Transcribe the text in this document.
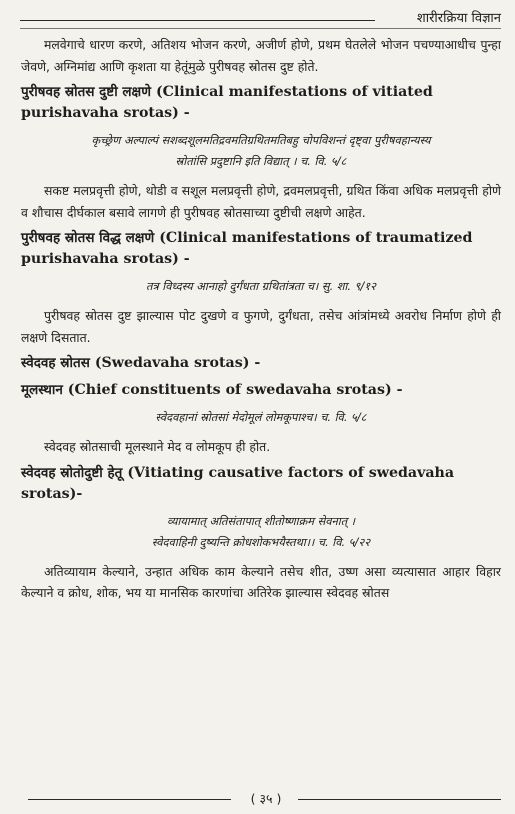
शारीरक्रिया विज्ञान

मलवेगाचे धारण करणे, अतिशय भोजन करणे, अजीर्ण होणे, प्रथम घेतलेले भोजन पचण्याआधीच पुन्हा जेवणे, अग्निमांद्य आणि कृशता या हेतूंमुळे पुरीषवह स्रोतस दुष्ट होते.

पुरीषवह स्रोतस दुष्टी लक्षणे (Clinical manifestations of vitiated purishavaha srotas) -

कृच्छ्रेण अल्पाल्पं सशब्दशूलमतिद्रवमतिग्रथितमतिबहु चोपविशन्तं दृष्ट्वा पुरीषवहान्यस्य
स्रोतांसि प्रदुष्टानि इति विद्यात् । च. वि. ५/८

सकष्ट मलप्रवृत्ती होणे, थोडी व सशूल मलप्रवृत्ती होणे, द्रवमलप्रवृत्ती, ग्रथित किंवा अधिक मलप्रवृत्ती होणे व शौचास दीर्घकाल बसावे लागणे ही पुरीषवह स्रोतसाच्या दुष्टीची लक्षणे आहेत.

पुरीषवह स्रोतस विद्ध लक्षणे (Clinical manifestations of traumatized purishavaha srotas) -

तत्र विध्दस्य आनाहो दुर्गंधता ग्रथितांत्रता च। सु. शा. ९/१२

पुरीषवह स्रोतस दुष्ट झाल्यास पोट दुखणे व फुगणे, दुर्गंधता, तसेच आंत्रांमध्ये अवरोध निर्माण होणे ही लक्षणे दिसतात.

स्वेदवह स्रोतस (Swedavaha srotas) -

मूलस्थान (Chief constituents of swedavaha srotas) -

स्वेदवहानां स्रोतसां मेदोमूलं लोमकूपाश्च। च. वि. ५/८

स्वेदवह स्रोतसाची मूलस्थाने मेद व लोमकूप ही होत.

स्वेदवह स्रोतोदुष्टी हेतू (Vitiating causative factors of swedavaha srotas)-

व्यायामात् अतिसंतापात् शीतोष्णाक्रम सेवनात् ।
स्वेदवाहिनी दुष्यन्ति क्रोधशोकभयैस्तथा।। च. वि. ५/२२

अतिव्यायाम केल्याने, उन्हात अधिक काम केल्याने तसेच शीत, उष्ण असा व्यत्यासात आहार विहार केल्याने व क्रोध, शोक, भय या मानसिक कारणांचा अतिरेक झाल्यास स्वेदवह स्रोतस

( ३५ )
